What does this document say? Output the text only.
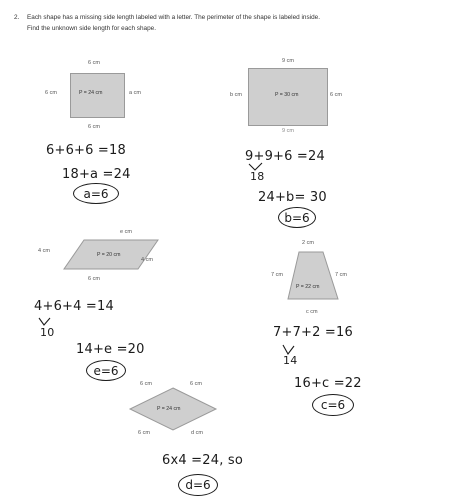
2. Each shape has a missing side length labeled with a letter. The perimeter of the shape is labeled inside.
Find the unknown side length for each shape.
6 cm
P = 24 cm
6 cm	a cm
6 cm
6+6+6 =18
18+a =24
a=6
9 cm
P = 30 cm
b cm	6 cm
9 cm
9+9+6 =24
18
24+b= 30
b=6
e cm
P = 20 cm
4 cm
4 cm
6 cm
4+6+4 =14
10
14+e =20
e=6
2 cm
P = 22 cm
7 cm	7 cm
c cm
7+7+2 =16
14
16+c =22
c=6
6 cm	6 cm
P = 24 cm
6 cm	d cm
6x4 =24, so
d=6
